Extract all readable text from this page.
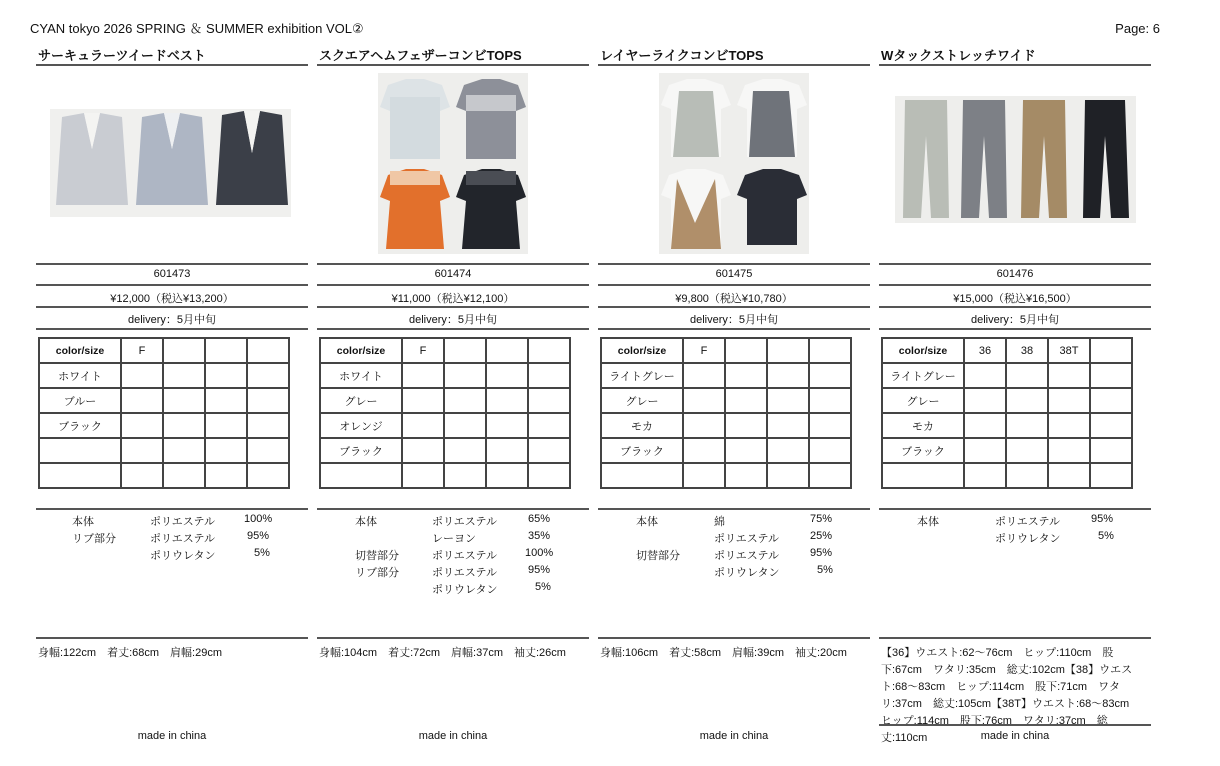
CYAN tokyo 2026 SPRING ＆ SUMMER exhibition VOL②	Page: 6
サーキュラーツイードベスト
601473
¥12,000（税込¥13,200）
delivery：5月中旬
color/size	F			
ホワイト				
ブルー				
ブラック				

本体	ポリエステル	100%
リブ部分	ポリエステル	95%
ポリウレタン	5%
身幅:122cm　着丈:68cm　肩幅:29cm
made in china
スクエアヘムフェザーコンビTOPS
601474
¥11,000（税込¥12,100）
delivery：5月中旬
color/size	F			
ホワイト				
グレー				
オレンジ				
ブラック				

本体	ポリエステル	65%
レーヨン	35%
切替部分	ポリエステル	100%
リブ部分	ポリエステル	95%
ポリウレタン	5%
身幅:104cm　着丈:72cm　肩幅:37cm　袖丈:26cm
made in china
レイヤーライクコンビTOPS
601475
¥9,800（税込¥10,780）
delivery：5月中旬
color/size	F			
ライトグレー				
グレー				
モカ				
ブラック				

本体	綿	75%
ポリエステル	25%
切替部分	ポリエステル	95%
ポリウレタン	5%
身幅:106cm　着丈:58cm　肩幅:39cm　袖丈:20cm
made in china
Wタックストレッチワイド
601476
¥15,000（税込¥16,500）
delivery：5月中旬
color/size	36	38	38T	
ライトグレー				
グレー				
モカ				
ブラック				

本体	ポリエステル	95%
ポリウレタン	5%
【36】ウエスト:62～76cm　ヒップ:110cm　股下:67cm　ワタリ:35cm　総丈:102cm【38】ウエスト:68～83cm　ヒップ:114cm　股下:71cm　ワタリ:37cm　総丈:105cm【38T】ウエスト:68～83cm　ヒップ:114cm　股下:76cm　ワタリ:37cm　総丈:110cm	made in china
